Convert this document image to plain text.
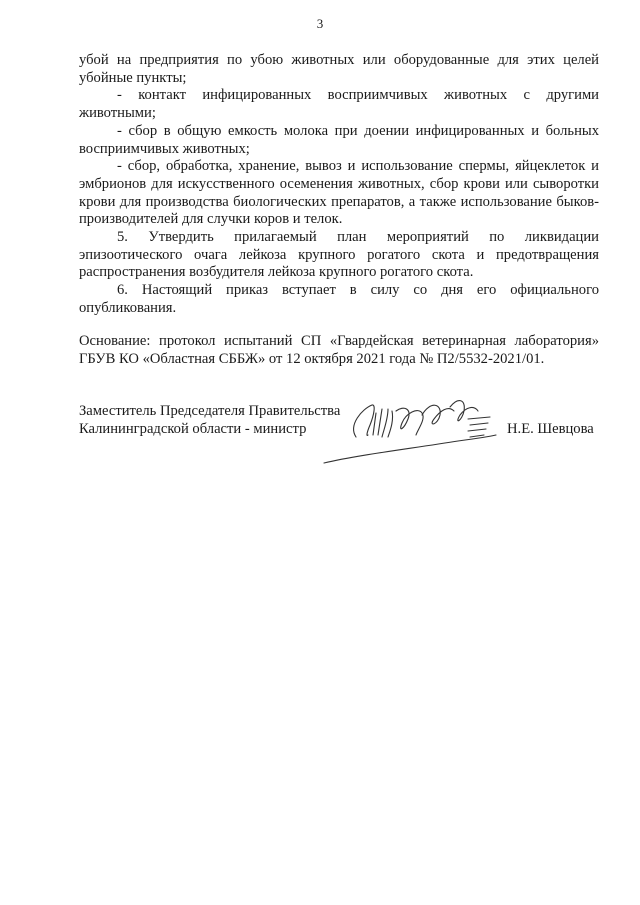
3

убой на предприятия по убою животных или оборудованные для этих целей убойные пункты;

- контакт инфицированных восприимчивых животных с другими животными;

- сбор в общую емкость молока при доении инфицированных и больных восприимчивых животных;

- сбор, обработка, хранение, вывоз и использование спермы, яйцеклеток и эмбрионов для искусственного осеменения животных, сбор крови или сыворотки крови для производства биологических препаратов, а также использование быков-производителей для случки коров и телок.

5. Утвердить прилагаемый план мероприятий по ликвидации эпизоотического очага лейкоза крупного рогатого скота и предотвращения распространения возбудителя лейкоза крупного рогатого скота.

6. Настоящий приказ вступает в силу со дня его официального опубликования.

Основание: протокол испытаний СП «Гвардейская ветеринарная лаборатория» ГБУВ КО «Областная СББЖ» от 12 октября 2021 года № П2/5532-2021/01.
Заместитель Председателя Правительства
Калининградской области - министр	Н.Е. Шевцова
